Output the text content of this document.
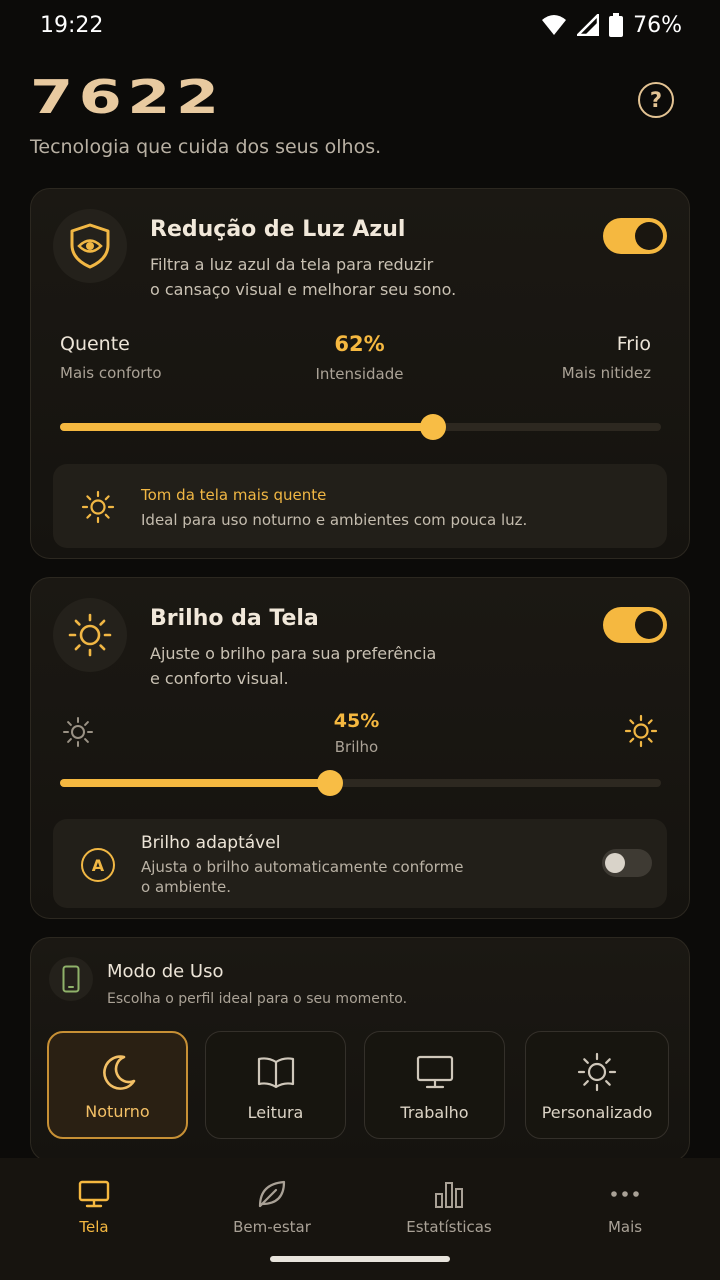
19:22	76%
7622
Tecnologia que cuida dos seus olhos.
?
Redução de Luz Azul
Filtra a luz azul da tela para reduzir
o cansaço visual e melhorar seu sono.
Quente
Mais conforto
62%
Intensidade
Frio
Mais nitidez
Tom da tela mais quente
Ideal para uso noturno e ambientes com pouca luz.
Brilho da Tela
Ajuste o brilho para sua preferência
e conforto visual.
45%
Brilho
A
Brilho adaptável
Ajusta o brilho automaticamente conforme
o ambiente.
Modo de Uso
Escolha o perfil ideal para o seu momento.
Noturno	Leitura	Trabalho	Personalizado
Tela	Bem-estar	Estatísticas	Mais
